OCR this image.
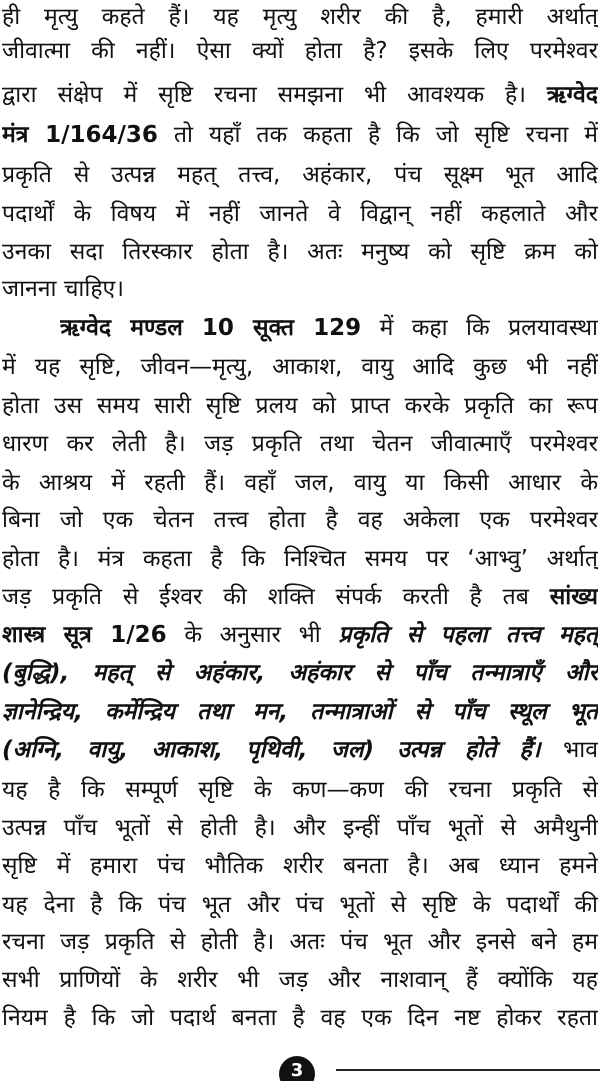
ही मृत्यु कहते हैं। यह मृत्यु शरीर की है, हमारी अर्थात्
जीवात्मा की नहीं। ऐसा क्यों होता है? इसके लिए परमेश्वर
द्वारा संक्षेप में सृष्टि रचना समझना भी आवश्यक है। ऋग्वेद
मंत्र 1/164/36 तो यहाँ तक कहता है कि जो सृष्टि रचना में
प्रकृति से उत्पन्न महत् तत्त्व, अहंकार, पंच सूक्ष्म भूत आदि
पदार्थों के विषय में नहीं जानते वे विद्वान् नहीं कहलाते और
उनका सदा तिरस्कार होता है। अतः मनुष्य को सृष्टि क्रम को
जानना चाहिए।
ऋग्वेद मण्डल 10 सूक्त 129 में कहा कि प्रलयावस्था
में यह सृष्टि, जीवन—मृत्यु, आकाश, वायु आदि कुछ भी नहीं
होता उस समय सारी सृष्टि प्रलय को प्राप्त करके प्रकृति का रूप
धारण कर लेती है। जड़ प्रकृति तथा चेतन जीवात्माएँ परमेश्वर
के आश्रय में रहती हैं। वहाँ जल, वायु या किसी आधार के
बिना जो एक चेतन तत्त्व होता है वह अकेला एक परमेश्वर
होता है। मंत्र कहता है कि निश्चित समय पर ‘आभ्वु’ अर्थात्
जड़ प्रकृति से ईश्वर की शक्ति संपर्क करती है तब सांख्य
शास्त्र सूत्र 1/26 के अनुसार भी प्रकृति से पहला तत्त्व महत्
(बुद्धि), महत् से अहंकार, अहंकार से पाँच तन्मात्राएँ और
ज्ञानेन्द्रिय, कर्मेन्द्रिय तथा मन, तन्मात्राओं से पाँच स्थूल भूत
(अग्नि, वायु, आकाश, पृथिवी, जल) उत्पन्न होते हैं। भाव
यह है कि सम्पूर्ण सृष्टि के कण—कण की रचना प्रकृति से
उत्पन्न पाँच भूतों से होती है। और इन्हीं पाँच भूतों से अमैथुनी
सृष्टि में हमारा पंच भौतिक शरीर बनता है। अब ध्यान हमने
यह देना है कि पंच भूत और पंच भूतों से सृष्टि के पदार्थों की
रचना जड़ प्रकृति से होती है। अतः पंच भूत और इनसे बने हम
सभी प्राणियों के शरीर भी जड़ और नाशवान् हैं क्योंकि यह
नियम है कि जो पदार्थ बनता है वह एक दिन नष्ट होकर रहता
3
